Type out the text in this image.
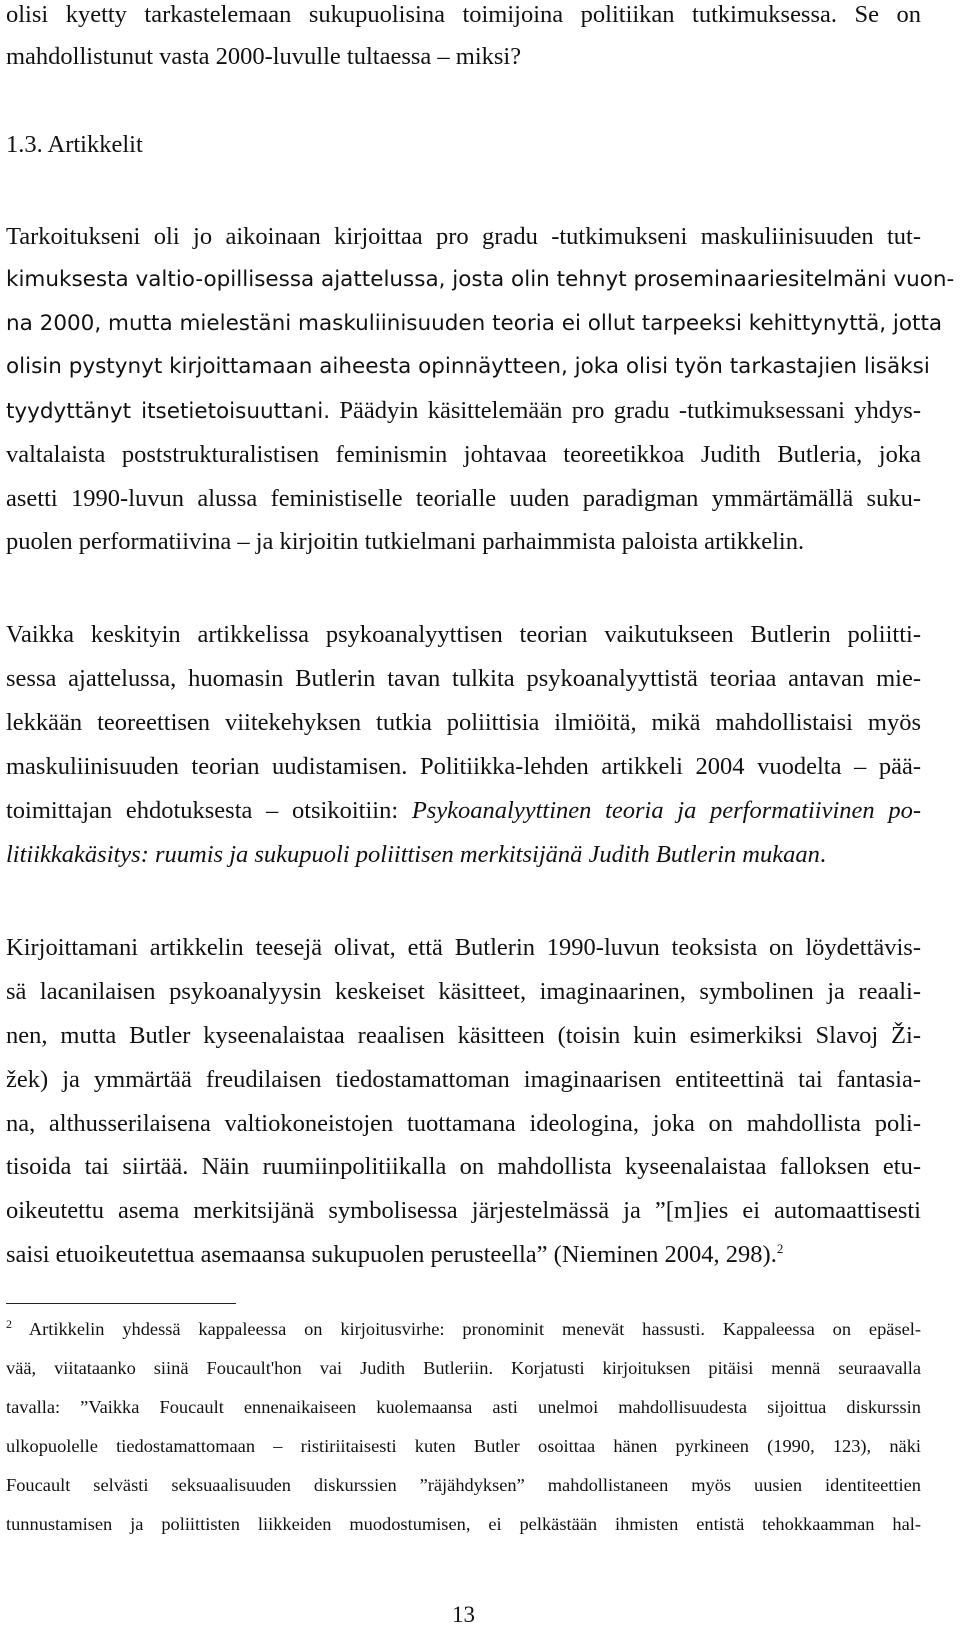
olisi kyetty tarkastelemaan sukupuolisina toimijoina politiikan tutkimuksessa. Se on
mahdollistunut vasta 2000-luvulle tultaessa – miksi?
1.3. Artikkelit
Tarkoitukseni oli jo aikoinaan kirjoittaa pro gradu -tutkimukseni maskuliinisuuden tut-
kimuksesta valtio-opillisessa ajattelussa, josta olin tehnyt proseminaariesitelmäni vuon-
na 2000, mutta mielestäni maskuliinisuuden teoria ei ollut tarpeeksi kehittynyttä, jotta
olisin pystynyt kirjoittamaan aiheesta opinnäytteen, joka olisi työn tarkastajien lisäksi
tyydyttänyt itsetietoisuuttani. Päädyin käsittelemään pro gradu -tutkimuksessani yhdys-
valtalaista poststrukturalistisen feminismin johtavaa teoreetikkoa Judith Butleria, joka
asetti 1990-luvun alussa feministiselle teorialle uuden paradigman ymmärtämällä suku-
puolen performatiivina – ja kirjoitin tutkielmani parhaimmista paloista artikkelin.
Vaikka keskityin artikkelissa psykoanalyyttisen teorian vaikutukseen Butlerin poliitti-
sessa ajattelussa, huomasin Butlerin tavan tulkita psykoanalyyttistä teoriaa antavan mie-
lekkään teoreettisen viitekehyksen tutkia poliittisia ilmiöitä, mikä mahdollistaisi myös
maskuliinisuuden teorian uudistamisen. Politiikka-lehden artikkeli 2004 vuodelta – pää-
toimittajan ehdotuksesta – otsikoitiin: Psykoanalyyttinen teoria ja performatiivinen po-
litiikkakäsitys: ruumis ja sukupuoli poliittisen merkitsijänä Judith Butlerin mukaan.
Kirjoittamani artikkelin teesejä olivat, että Butlerin 1990-luvun teoksista on löydettävis-
sä lacanilaisen psykoanalyysin keskeiset käsitteet, imaginaarinen, symbolinen ja reaali-
nen, mutta Butler kyseenalaistaa reaalisen käsitteen (toisin kuin esimerkiksi Slavoj Ži-
žek) ja ymmärtää freudilaisen tiedostamattoman imaginaarisen entiteettinä tai fantasia-
na, althusserilaisena valtiokoneistojen tuottamana ideologina, joka on mahdollista poli-
tisoida tai siirtää. Näin ruumiinpolitiikalla on mahdollista kyseenalaistaa falloksen etu-
oikeutettu asema merkitsijänä symbolisessa järjestelmässä ja ”[m]ies ei automaattisesti
saisi etuoikeutettua asemaansa sukupuolen perusteella” (Nieminen 2004, 298).$^2$
$^2$ Artikkelin yhdessä kappaleessa on kirjoitusvirhe: pronominit menevät hassusti. Kappaleessa on epäsel-
vää, viitataanko siinä Foucault'hon vai Judith Butleriin. Korjatusti kirjoituksen pitäisi mennä seuraavalla
tavalla: ”Vaikka Foucault ennenaikaiseen kuolemaansa asti unelmoi mahdollisuudesta sijoittua diskurssin
ulkopuolelle tiedostamattomaan – ristiriitaisesti kuten Butler osoittaa hänen pyrkineen (1990, 123), näki
Foucault selvästi seksuaalisuuden diskurssien ”räjähdyksen” mahdollistaneen myös uusien identiteettien
tunnustamisen ja poliittisten liikkeiden muodostumisen, ei pelkästään ihmisten entistä tehokkaamman hal-
13
